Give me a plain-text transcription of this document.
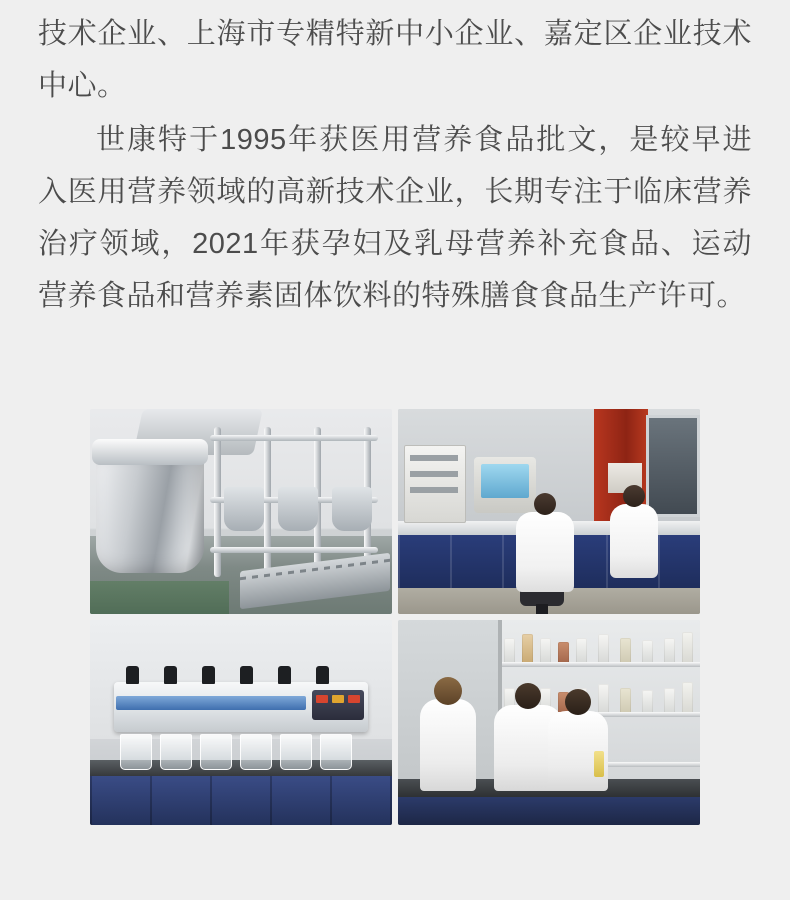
技术企业、上海市专精特新中小企业、嘉定区企业技术中心。

世康特于1995年获医用营养食品批文，是较早进入医用营养领域的高新技术企业，长期专注于临床营养治疗领域，2021年获孕妇及乳母营养补充食品、运动营养食品和营养素固体饮料的特殊膳食食品生产许可。
